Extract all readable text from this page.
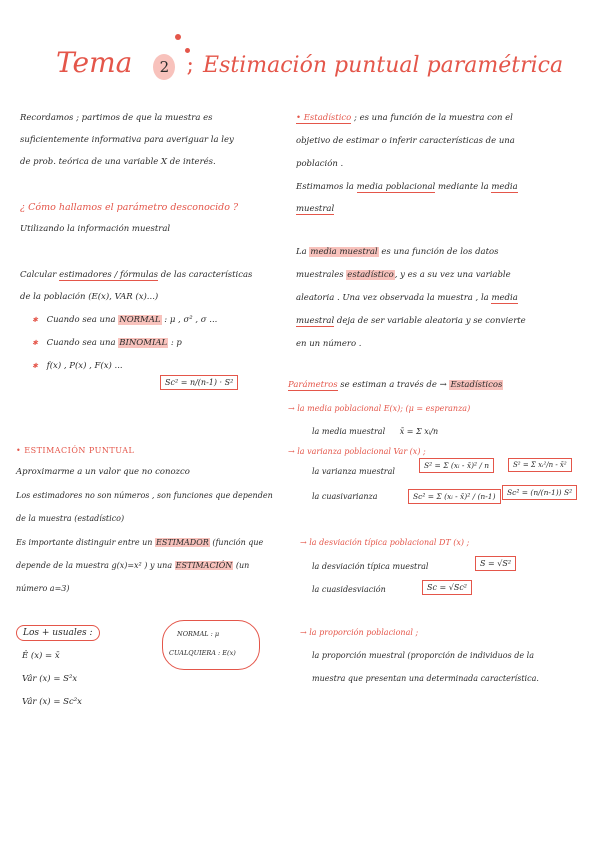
Tema 2 ; Estimación puntual paramétrica
Recordamos ; partimos de que la muestra es
suficientemente informativa para averiguar la ley
de prob. teórica de una variable X de interés.
¿ Cómo hallamos el parámetro desconocido ?
Utilizando la información muestral
Calcular estimadores / fórmulas de las características
de la población (E(x), VAR (x)...)
✱ Cuando sea una NORMAL : μ , σ² , σ ...
✱ Cuando sea una BINOMIAL : p
✱ f(x) , P(x) , F(x) ...
Sc² = n/(n-1) · S²
• ESTIMACIÓN PUNTUAL
Aproximarme a un valor que no conozco
Los estimadores no son números , son funciones que dependen
de la muestra (estadístico)
Es importante distinguir entre un ESTIMADOR (función que
depende de la muestra g(x)=x² ) y una ESTIMACIÓN (un
número a=3)
Los + usuales :
Ê (x) = x̄
Vâr (x) = S²x
Vâr (x) = Sc²x
NORMAL : μ
CUALQUIERA : E(x)
• Estadístico ; es una función de la muestra con el
objetivo de estimar o inferir características de una
población .
Estimamos la media poblacional mediante la media
muestral
La media muestral es una función de los datos
muestrales estadístico, y es a su vez una variable
aleatoria . Una vez observada la muestra , la media
muestral deja de ser variable aleatoria y se convierte
en un número .
Parámetros se estiman a través de → Estadísticos
→ la media poblacional E(x); (μ = esperanza)
la media muestral x̄ = Σ xᵢ/n
→ la varianza poblacional Var (x) ;
la varianza muestral
S² = Σ (xᵢ - x̄)² / n	S² = Σ xᵢ²/n - x̄²
la cuasivarianza	Sc² = Σ (xᵢ - x̄)² / (n-1)	Sc² = (n/(n-1)) S²
→ la desviación típica poblacional DT (x) ;
la desviación típica muestral	S = √S²
la cuasidesviación	Sc = √Sc²
→ la proporción poblacional ;
la proporción muestral (proporción de individuos de la
muestra que presentan una determinada característica.
